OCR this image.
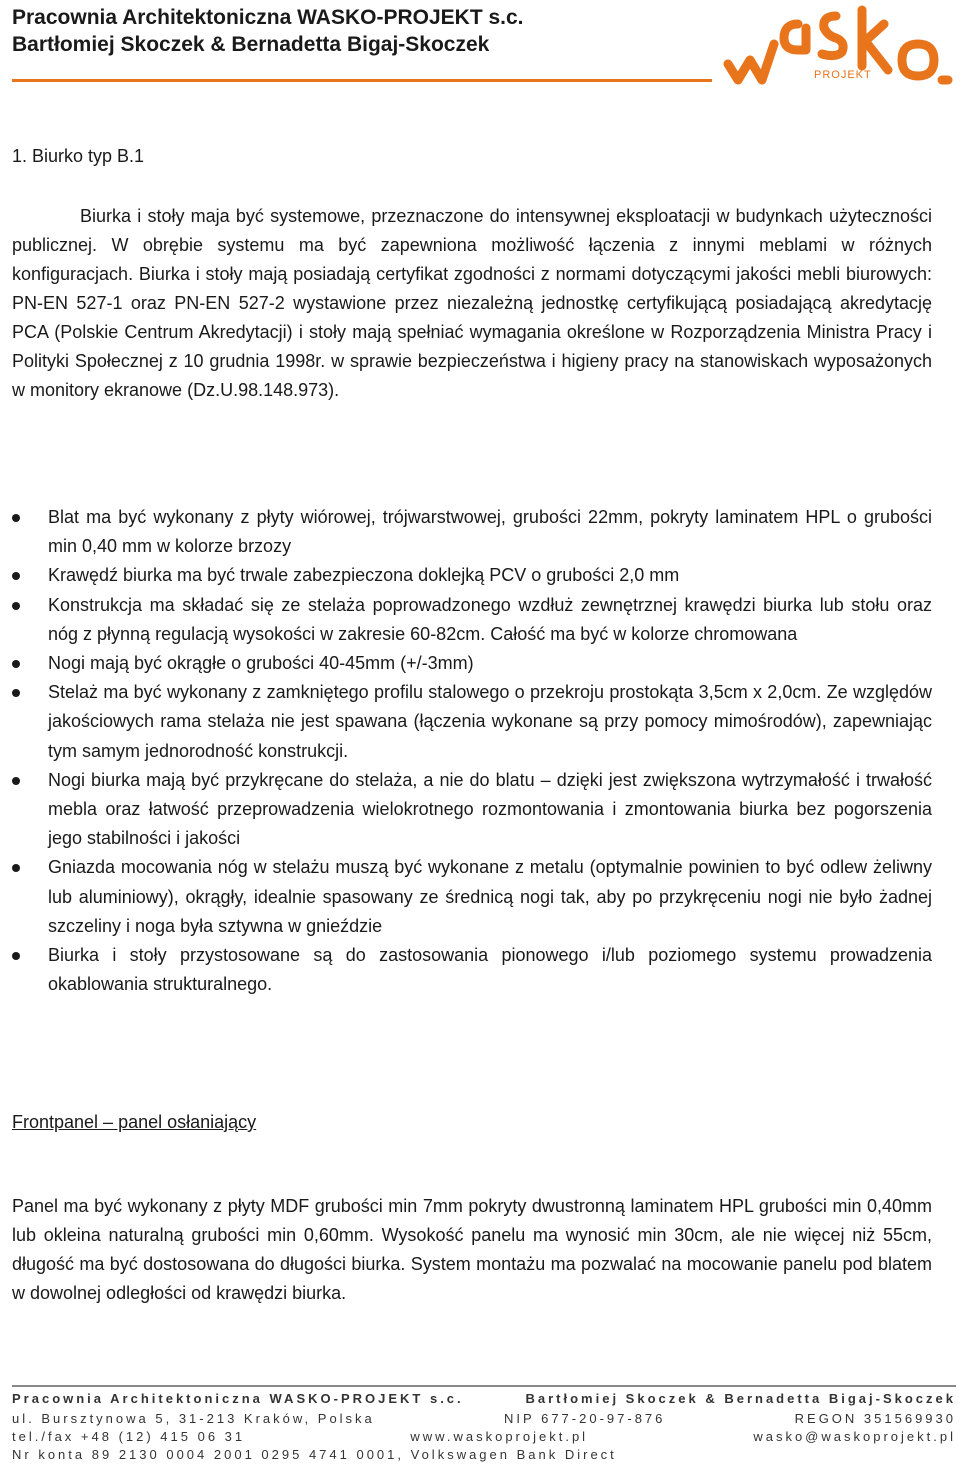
Pracownia Architektoniczna WASKO-PROJEKT s.c.
Bartłomiej Skoczek & Bernadetta Bigaj-Skoczek
PROJEKT
1. Biurko typ B.1
Biurka i stoły maja być systemowe, przeznaczone do intensywnej eksploatacji w budynkach użyteczności publicznej. W obrębie systemu ma być zapewniona możliwość łączenia z innymi meblami w różnych konfiguracjach. Biurka i stoły mają posiadają certyfikat zgodności z normami dotyczącymi jakości mebli biurowych: PN-EN 527-1 oraz PN-EN 527-2 wystawione przez niezależną jednostkę certyfikującą posiadającą akredytację PCA (Polskie Centrum Akredytacji) i stoły mają spełniać wymagania określone w Rozporządzenia Ministra Pracy i Polityki Społecznej z 10 grudnia 1998r. w sprawie bezpieczeństwa i higieny pracy na stanowiskach wyposażonych w monitory ekranowe (Dz.U.98.148.973).
Blat ma być wykonany z płyty wiórowej, trójwarstwowej, grubości 22mm, pokryty laminatem HPL o grubości min 0,40 mm w kolorze brzozy
Krawędź biurka ma być trwale zabezpieczona doklejką PCV o grubości 2,0 mm
Konstrukcja ma składać się ze stelaża poprowadzonego wzdłuż zewnętrznej krawędzi biurka lub stołu oraz nóg z płynną regulacją wysokości w zakresie 60-82cm. Całość ma być w kolorze chromowana
Nogi mają być okrągłe o grubości 40-45mm (+/-3mm)
Stelaż ma być wykonany z zamkniętego profilu stalowego o przekroju prostokąta 3,5cm x 2,0cm. Ze względów jakościowych rama stelaża nie jest spawana (łączenia wykonane są przy pomocy mimośrodów), zapewniając tym samym jednorodność konstrukcji.
Nogi biurka mają być przykręcane do stelaża, a nie do blatu – dzięki jest zwiększona wytrzymałość i trwałość mebla oraz łatwość przeprowadzenia wielokrotnego rozmontowania i zmontowania biurka bez pogorszenia jego stabilności i jakości
Gniazda mocowania nóg w stelażu muszą być wykonane z metalu (optymalnie powinien to być odlew żeliwny lub aluminiowy), okrągły, idealnie spasowany ze średnicą nogi tak, aby po przykręceniu nogi nie było żadnej szczeliny i noga była sztywna w gnieździe
Biurka i stoły przystosowane są do zastosowania pionowego i/lub poziomego systemu prowadzenia okablowania strukturalnego.
Frontpanel – panel osłaniający
Panel ma być wykonany z płyty MDF grubości min 7mm pokryty dwustronną laminatem HPL grubości min 0,40mm lub okleina naturalną grubości min 0,60mm. Wysokość panelu ma wynosić min 30cm, ale nie więcej niż 55cm, długość ma być dostosowana do długości biurka. System montażu ma pozwalać na mocowanie panelu pod blatem w dowolnej odległości od krawędzi biurka.
Pracownia Architektoniczna WASKO-PROJEKT s.c.	Bartłomiej Skoczek & Bernadetta Bigaj-Skoczek
ul. Bursztynowa 5, 31-213 Kraków, Polska	NIP 677-20-97-876	REGON 351569930
tel./fax +48 (12) 415 06 31	www.waskoprojekt.pl	wasko@waskoprojekt.pl
Nr konta 89 2130 0004 2001 0295 4741 0001, Volkswagen Bank Direct
